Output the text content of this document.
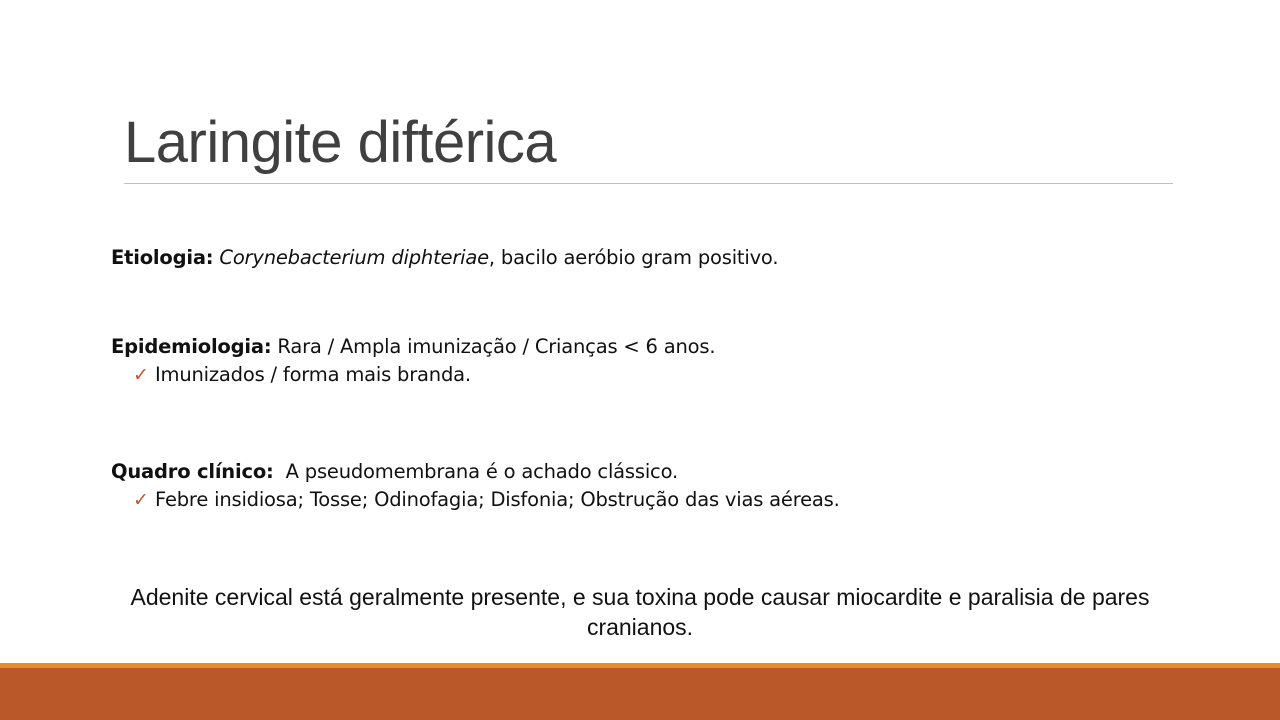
Laringite diftérica
Etiologia: Corynebacterium diphteriae, bacilo aeróbio gram positivo.
Epidemiologia: Rara / Ampla imunização / Crianças < 6 anos.
✓ Imunizados / forma mais branda.
Quadro clínico:  A pseudomembrana é o achado clássico.
✓ Febre insidiosa; Tosse; Odinofagia; Disfonia; Obstrução das vias aéreas.
Adenite cervical está geralmente presente, e sua toxina pode causar miocardite e paralisia de pares cranianos.
